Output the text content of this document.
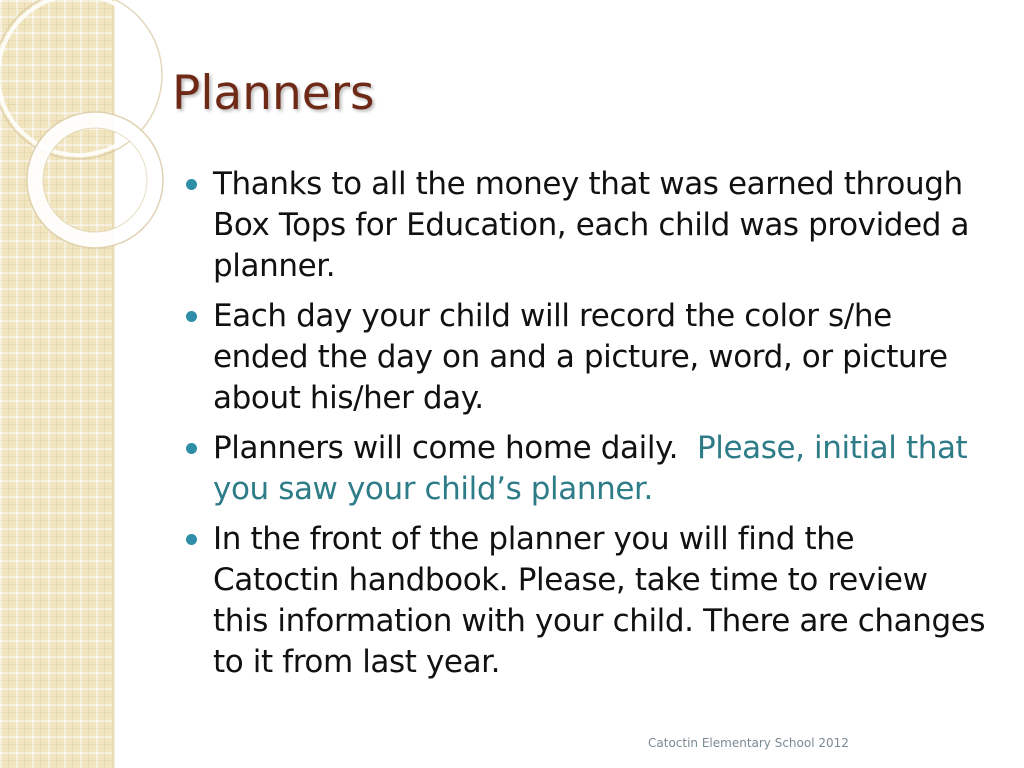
Planners
Thanks to all the money that was earned through Box Tops for Education, each child was provided a planner.
Each day your child will record the color s/he ended the day on and a picture, word, or picture about his/her day.
Planners will come home daily.  Please, initial that you saw your child’s planner.
In the front of the planner you will find the Catoctin handbook. Please, take time to review this information with your child. There are changes to it from last year.
Catoctin Elementary School 2012
